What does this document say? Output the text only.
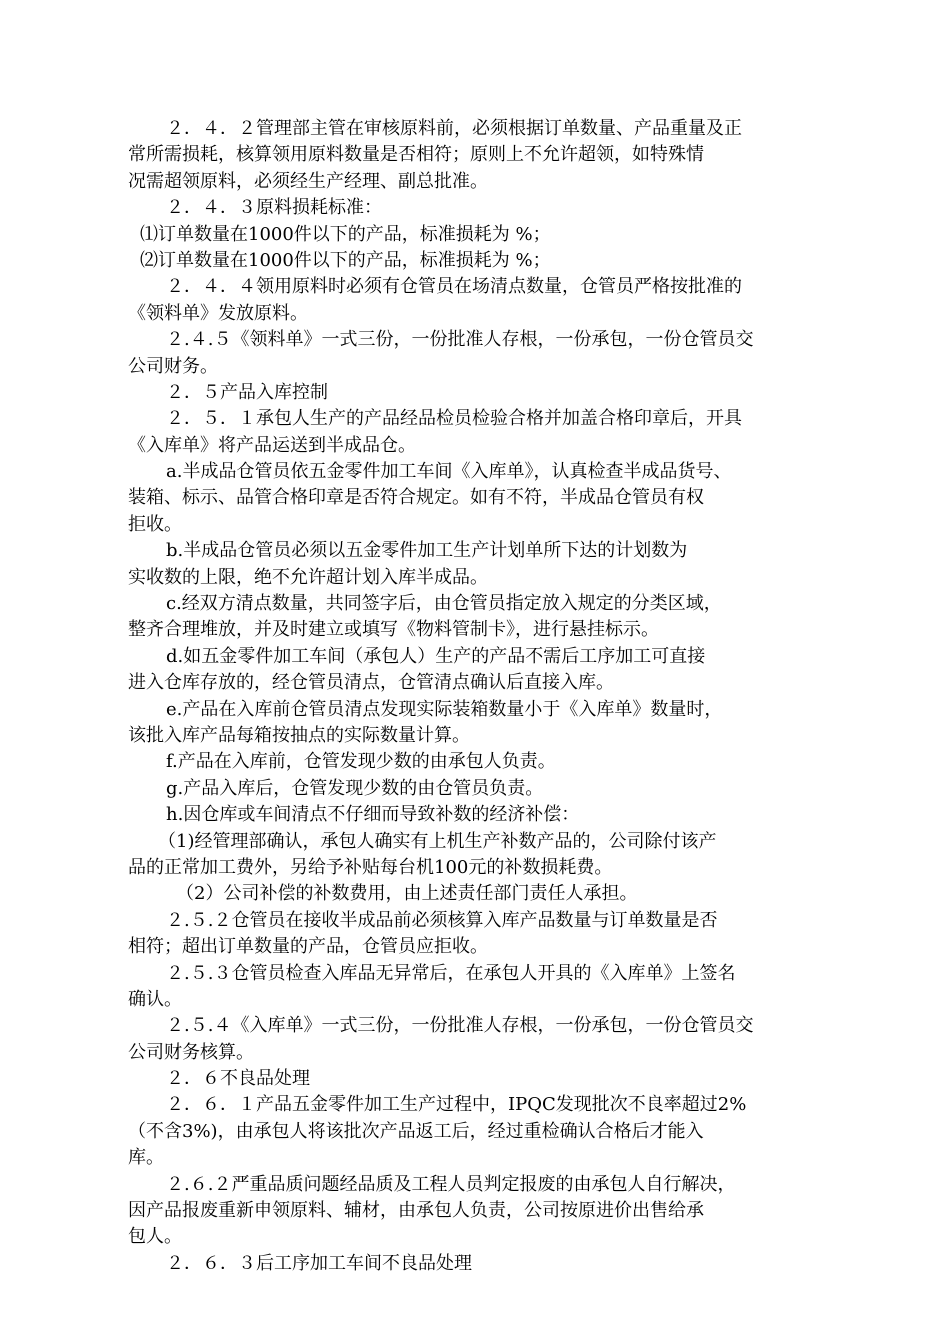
２．４．２管理部主管在审核原料前，必须根据订单数量、产品重量及正
常所需损耗，核算领用原料数量是否相符；原则上不允许超领，如特殊情
况需超领原料，必须经生产经理、副总批准。
２．４．３原料损耗标准：
⑴订单数量在1000件以下的产品，标准损耗为 %；
⑵订单数量在1000件以下的产品，标准损耗为 %；
２．４．４领用原料时必须有仓管员在场清点数量，仓管员严格按批准的
《领料单》发放原料。
２.４.５《领料单》一式三份，一份批准人存根，一份承包，一份仓管员交
公司财务。
２．５产品入库控制
２．５．１承包人生产的产品经品检员检验合格并加盖合格印章后，开具
《入库单》将产品运送到半成品仓。
a.半成品仓管员依五金零件加工车间《入库单》，认真检查半成品货号、
装箱、标示、品管合格印章是否符合规定。如有不符，半成品仓管员有权
拒收。
b.半成品仓管员必须以五金零件加工生产计划单所下达的计划数为
实收数的上限，绝不允许超计划入库半成品。
c.经双方清点数量，共同签字后，由仓管员指定放入规定的分类区域，
整齐合理堆放，并及时建立或填写《物料管制卡》，进行悬挂标示。
d.如五金零件加工车间（承包人）生产的产品不需后工序加工可直接
进入仓库存放的，经仓管员清点，仓管清点确认后直接入库。
e.产品在入库前仓管员清点发现实际装箱数量小于《入库单》数量时，
该批入库产品每箱按抽点的实际数量计算。
f.产品在入库前，仓管发现少数的由承包人负责。
g.产品入库后，仓管发现少数的由仓管员负责。
h.因仓库或车间清点不仔细而导致补数的经济补偿：
（1)经管理部确认，承包人确实有上机生产补数产品的，公司除付该产
品的正常加工费外，另给予补贴每台机100元的补数损耗费。
（2）公司补偿的补数费用，由上述责任部门责任人承担。
２.５.２仓管员在接收半成品前必须核算入库产品数量与订单数量是否
相符；超出订单数量的产品，仓管员应拒收。
２.５.３仓管员检查入库品无异常后，在承包人开具的《入库单》上签名
确认。
２.５.４《入库单》一式三份，一份批准人存根，一份承包，一份仓管员交
公司财务核算。
２．６不良品处理
２．６．１产品五金零件加工生产过程中，IPQC发现批次不良率超过2%
（不含3%)，由承包人将该批次产品返工后，经过重检确认合格后才能入
库。
２.６.２严重品质问题经品质及工程人员判定报废的由承包人自行解决，
因产品报废重新申领原料、辅材，由承包人负责，公司按原进价出售给承
包人。
２．６．３后工序加工车间不良品处理
